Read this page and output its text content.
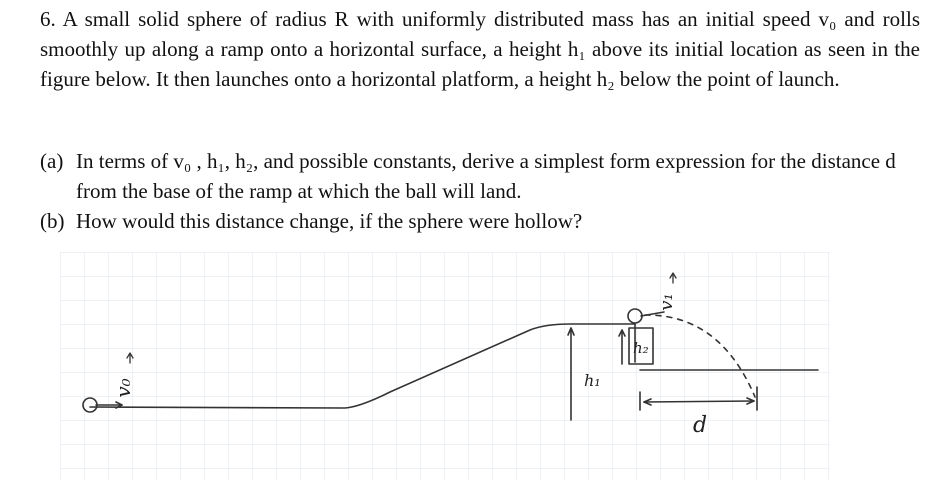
6. A small solid sphere of radius R with uniformly distributed mass has an initial speed v₀ and rolls smoothly up along a ramp onto a horizontal surface, a height h₁ above its initial location as seen in the figure below. It then launches onto a horizontal platform, a height h₂ below the point of launch.

(a) In terms of v₀ , h₁, h₂, and possible constants, derive a simplest form expression for the distance d from the base of the ramp at which the ball will land.

(b) How would this distance change, if the sphere were hollow?

v₀
v₁
h₁
h₂
d
